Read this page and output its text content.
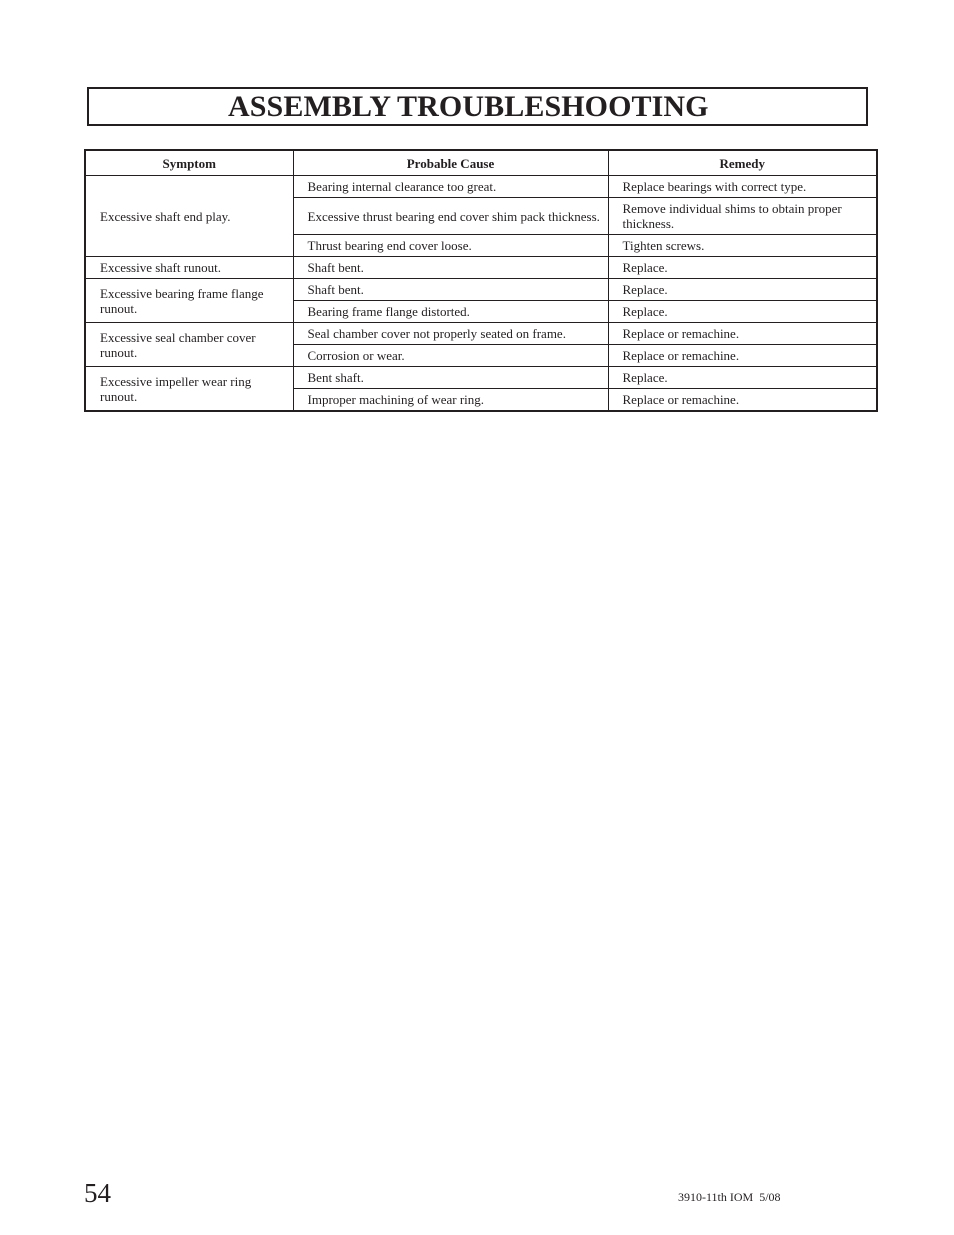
ASSEMBLY TROUBLESHOOTING
Symptom	Probable Cause	Remedy
Excessive shaft end play.	Bearing internal clearance too great.	Replace bearings with correct type.
	Excessive thrust bearing end cover shim pack thickness.	Remove individual shims to obtain proper thickness.
	Thrust bearing end cover loose.	Tighten screws.
Excessive shaft runout.	Shaft bent.	Replace.
Excessive bearing frame flange runout.	Shaft bent.	Replace.
	Bearing frame flange distorted.	Replace.
Excessive seal chamber cover runout.	Seal chamber cover not properly seated on frame.	Replace or remachine.
	Corrosion or wear.	Replace or remachine.
Excessive impeller wear ring runout.	Bent shaft.	Replace.
	Improper machining of wear ring.	Replace or remachine.
54	3910-11th IOM  5/08
